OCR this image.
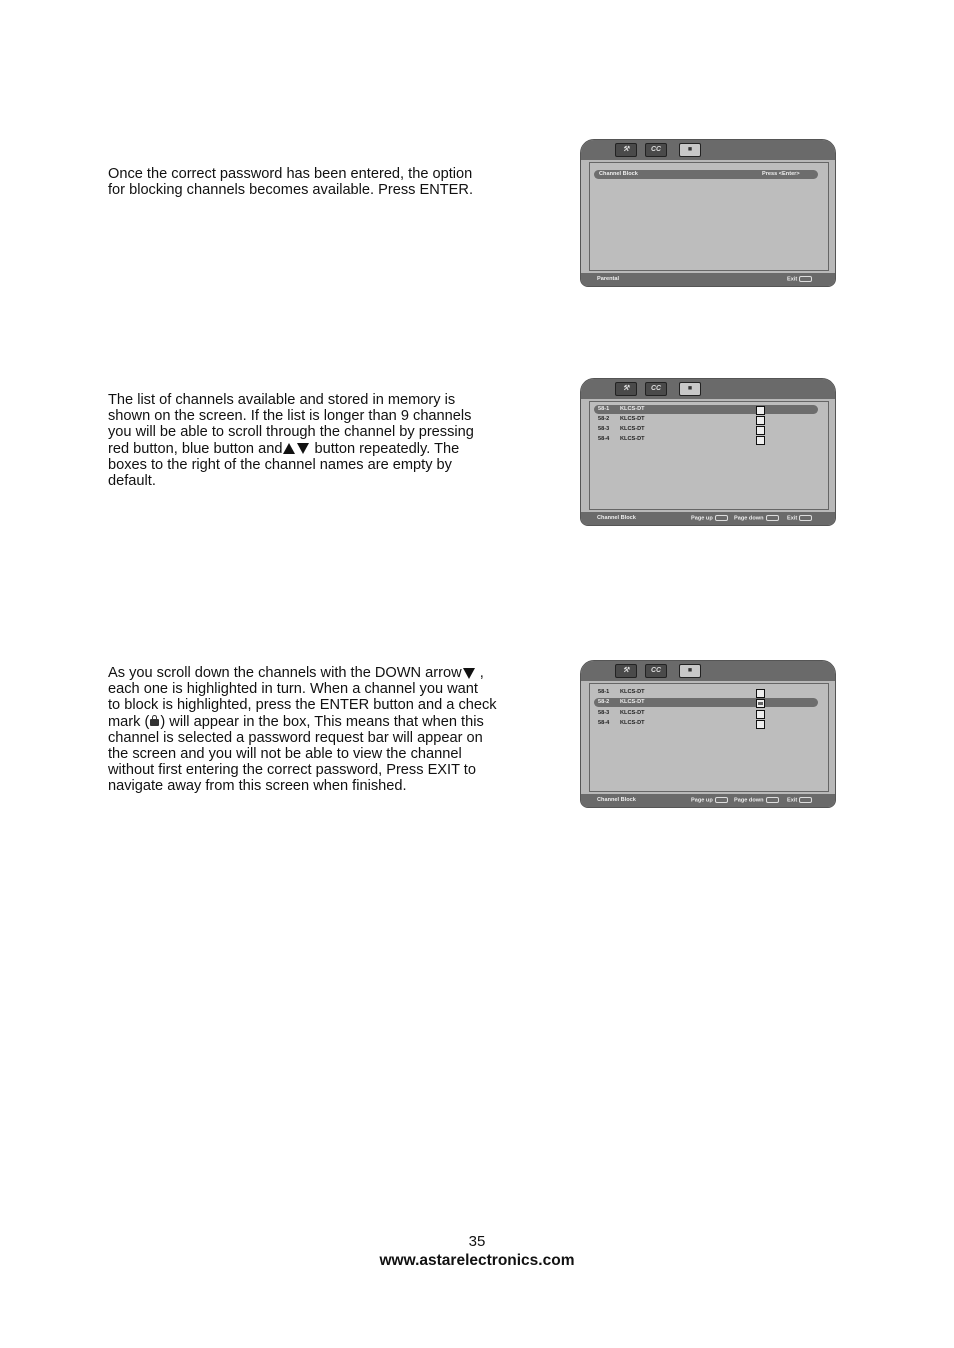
Once the correct password has been entered, the option
for blocking channels becomes available. Press ENTER.
⚒	CC	■
Channel Block	Press <Enter>
Parental	Exit
The list of channels available and stored in memory is
shown on the screen. If the list is longer than 9 channels
you will be able to scroll through the channel by pressing
red button, blue button and button repeatedly. The
boxes to the right of the channel names are empty by
default.
⚒	CC	■
58-1 KLCS-DT
58-2 KLCS-DT
58-3 KLCS-DT
58-4 KLCS-DT
Channel Block	Page up	Page down	Exit
As you scroll down the channels with the DOWN arrow ,
each one is highlighted in turn. When a channel you want
to block is highlighted, press the ENTER button and a check
mark ( ) will appear in the box, This means that when this
channel is selected a password request bar will appear on
the screen and you will not be able to view the channel
without first entering the correct password, Press EXIT to
navigate away from this screen when finished.
⚒	CC	■
58-1 KLCS-DT
58-2 KLCS-DT
58-3 KLCS-DT
58-4 KLCS-DT
Channel Block	Page up	Page down	Exit
35
www.astarelectronics.com
